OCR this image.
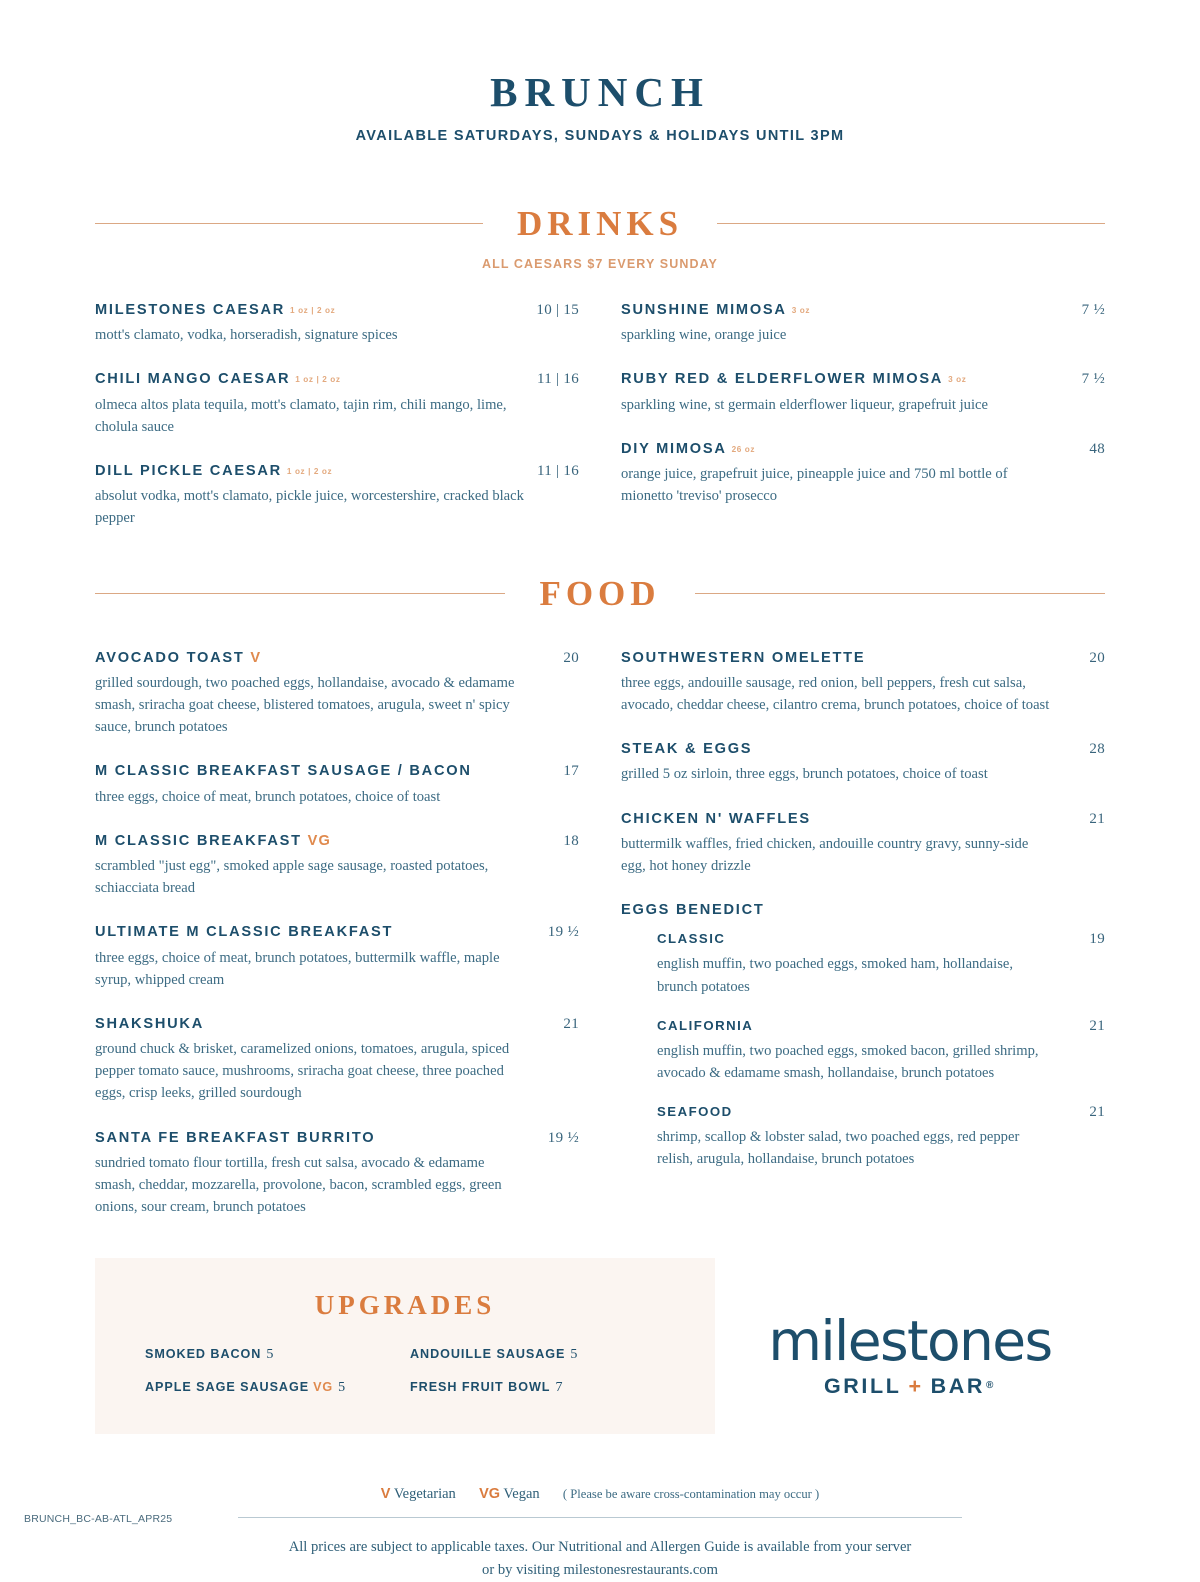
BRUNCH
AVAILABLE SATURDAYS, SUNDAYS & HOLIDAYS UNTIL 3PM
DRINKS
ALL CAESARS $7 EVERY SUNDAY
MILESTONES CAESAR 1 oz | 2 oz	10 | 15
mott's clamato, vodka, horseradish, signature spices
CHILI MANGO CAESAR 1 oz | 2 oz	11 | 16
olmeca altos plata tequila, mott's clamato, tajin rim, chili mango, lime, cholula sauce
DILL PICKLE CAESAR 1 oz | 2 oz	11 | 16
absolut vodka, mott's clamato, pickle juice, worcestershire, cracked black pepper
SUNSHINE MIMOSA 3 oz	7 ½
sparkling wine, orange juice
RUBY RED & ELDERFLOWER MIMOSA 3 oz	7 ½
sparkling wine, st germain elderflower liqueur, grapefruit juice
DIY MIMOSA 26 oz	48
orange juice, grapefruit juice, pineapple juice and 750 ml bottle of mionetto 'treviso' prosecco
FOOD
AVOCADO TOAST V	20
grilled sourdough, two poached eggs, hollandaise, avocado & edamame smash, sriracha goat cheese, blistered tomatoes, arugula, sweet n' spicy sauce, brunch potatoes
M CLASSIC BREAKFAST SAUSAGE / BACON	17
three eggs, choice of meat, brunch potatoes, choice of toast
M CLASSIC BREAKFAST VG	18
scrambled "just egg", smoked apple sage sausage, roasted potatoes, schiacciata bread
ULTIMATE M CLASSIC BREAKFAST	19 ½
three eggs, choice of meat, brunch potatoes, buttermilk waffle, maple syrup, whipped cream
SHAKSHUKA	21
ground chuck & brisket, caramelized onions, tomatoes, arugula, spiced pepper tomato sauce, mushrooms, sriracha goat cheese, three poached eggs, crisp leeks, grilled sourdough
SANTA FE BREAKFAST BURRITO	19 ½
sundried tomato flour tortilla, fresh cut salsa, avocado & edamame smash, cheddar, mozzarella, provolone, bacon, scrambled eggs, green onions, sour cream, brunch potatoes
SOUTHWESTERN OMELETTE	20
three eggs, andouille sausage, red onion, bell peppers, fresh cut salsa, avocado, cheddar cheese, cilantro crema, brunch potatoes, choice of toast
STEAK & EGGS	28
grilled 5 oz sirloin, three eggs, brunch potatoes, choice of toast
CHICKEN N' WAFFLES	21
buttermilk waffles, fried chicken, andouille country gravy, sunny-side egg, hot honey drizzle
EGGS BENEDICT
CLASSIC	19
english muffin, two poached eggs, smoked ham, hollandaise, brunch potatoes
CALIFORNIA	21
english muffin, two poached eggs, smoked bacon, grilled shrimp, avocado & edamame smash, hollandaise, brunch potatoes
SEAFOOD	21
shrimp, scallop & lobster salad, two poached eggs, red pepper relish, arugula, hollandaise, brunch potatoes
UPGRADES
SMOKED BACON 5	ANDOUILLE SAUSAGE 5
APPLE SAGE SAUSAGE VG 5	FRESH FRUIT BOWL 7
milestones
GRILL + BAR ®
V Vegetarian VG Vegan ( Please be aware cross-contamination may occur )
All prices are subject to applicable taxes. Our Nutritional and Allergen Guide is available from your server
or by visiting milestonesrestaurants.com
BRUNCH_BC-AB-ATL_APR25
